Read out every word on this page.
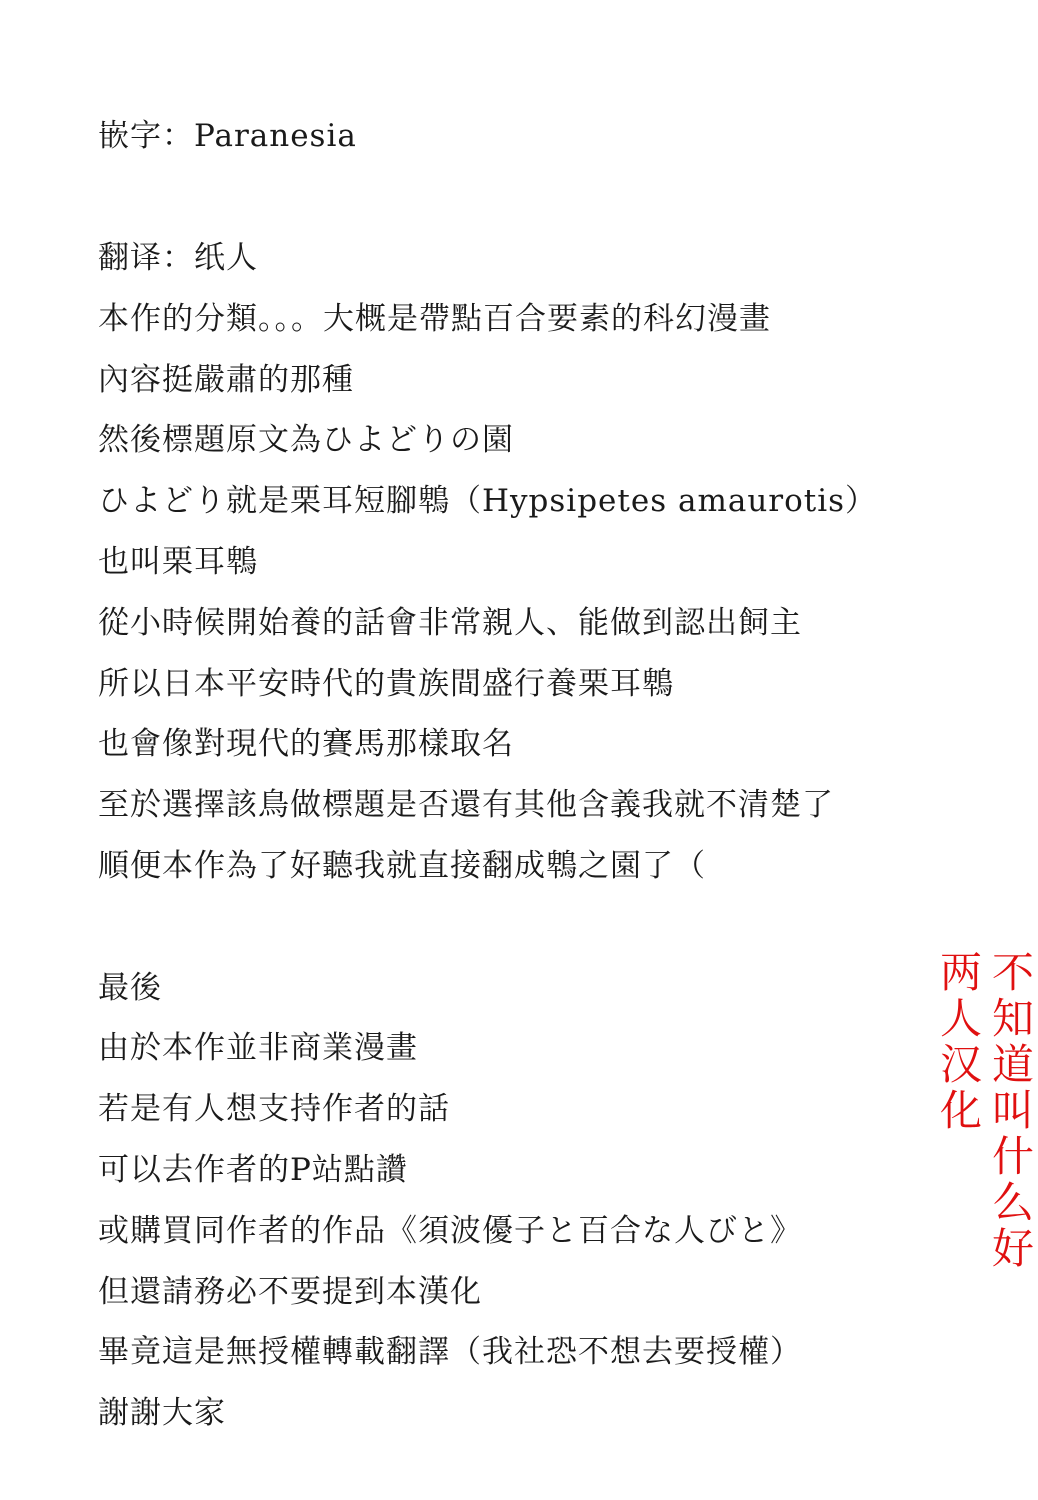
嵌字：Paranesia
翻译：纸人
本作的分類。。。大概是帶點百合要素的科幻漫畫
內容挺嚴肅的那種
然後標題原文為ひよどりの園
ひよどり就是栗耳短腳鵯（Hypsipetes amaurotis）
也叫栗耳鵯
從小時候開始養的話會非常親人、能做到認出飼主
所以日本平安時代的貴族間盛行養栗耳鵯
也會像對現代的賽馬那樣取名
至於選擇該鳥做標題是否還有其他含義我就不清楚了
順便本作為了好聽我就直接翻成鵯之園了（
最後
由於本作並非商業漫畫
若是有人想支持作者的話
可以去作者的P站點讚
或購買同作者的作品《須波優子と百合な人びと》
但還請務必不要提到本漢化
畢竟這是無授權轉載翻譯（我社恐不想去要授權）
謝謝大家
不知道叫什么好
两人汉化
